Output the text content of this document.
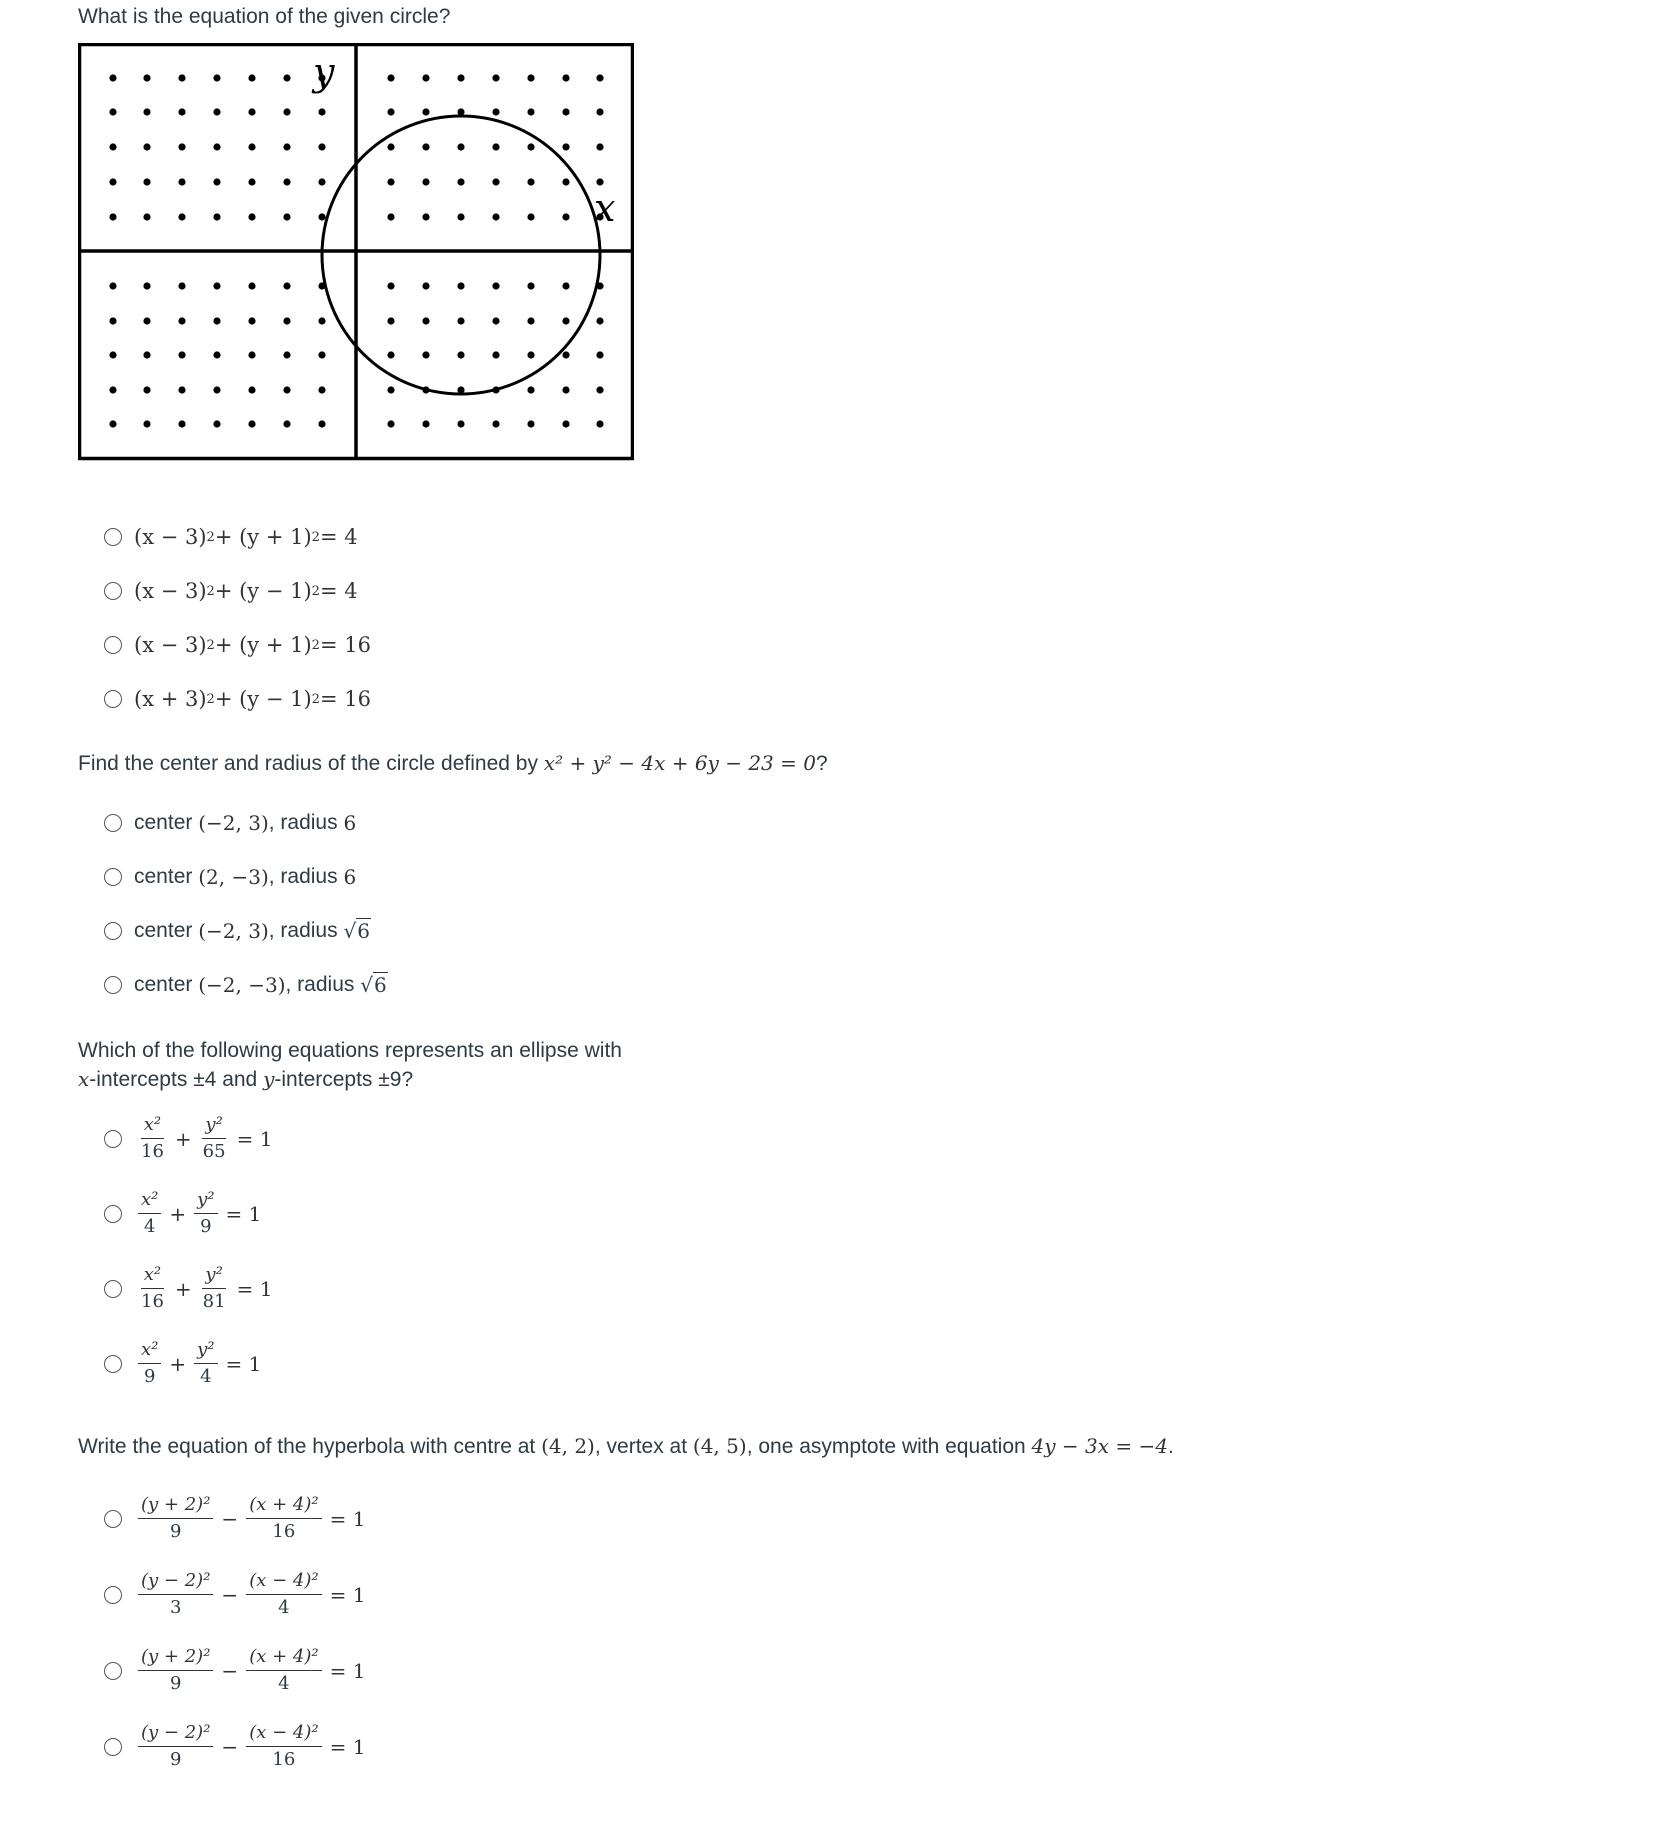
What is the equation of the given circle?

y
x
(x − 3) 2 + (y + 1) 2 = 4
(x − 3) 2 + (y − 1) 2 = 4
(x − 3) 2 + (y + 1) 2 = 16
(x + 3) 2 + (y − 1) 2 = 16

Find the center and radius of the circle defined by x² + y² − 4x + 6y − 23 = 0?

center
(−2, 3) , radius
6
center
(2, −3) , radius
6
center
(−2, 3) , radius
√6
center
(−2, −3) , radius
√6

Which of the following equations represents an ellipse with
x-intercepts ±4 and y-intercepts ±9?

$\frac{\text{x²}}{16} + \frac{\text{y²}}{65} = 1$
$\frac{\text{x²}}{4} + \frac{\text{y²}}{9} = 1$
$\frac{\text{x²}}{16} + \frac{\text{y²}}{81} = 1$
$\frac{\text{x²}}{9} + \frac{\text{y²}}{4} = 1$

Write the equation of the hyperbola with centre at (4, 2), vertex at (4, 5), one asymptote with equation 4y − 3x = −4.

$\frac{\text{(y + 2)²}}{9} - \frac{\text{(x + 4)²}}{16} = 1$
$\frac{\text{(y − 2)²}}{3} - \frac{\text{(x − 4)²}}{4} = 1$
$\frac{\text{(y + 2)²}}{9} - \frac{\text{(x + 4)²}}{4} = 1$
$\frac{\text{(y − 2)²}}{9} - \frac{\text{(x − 4)²}}{16} = 1$
